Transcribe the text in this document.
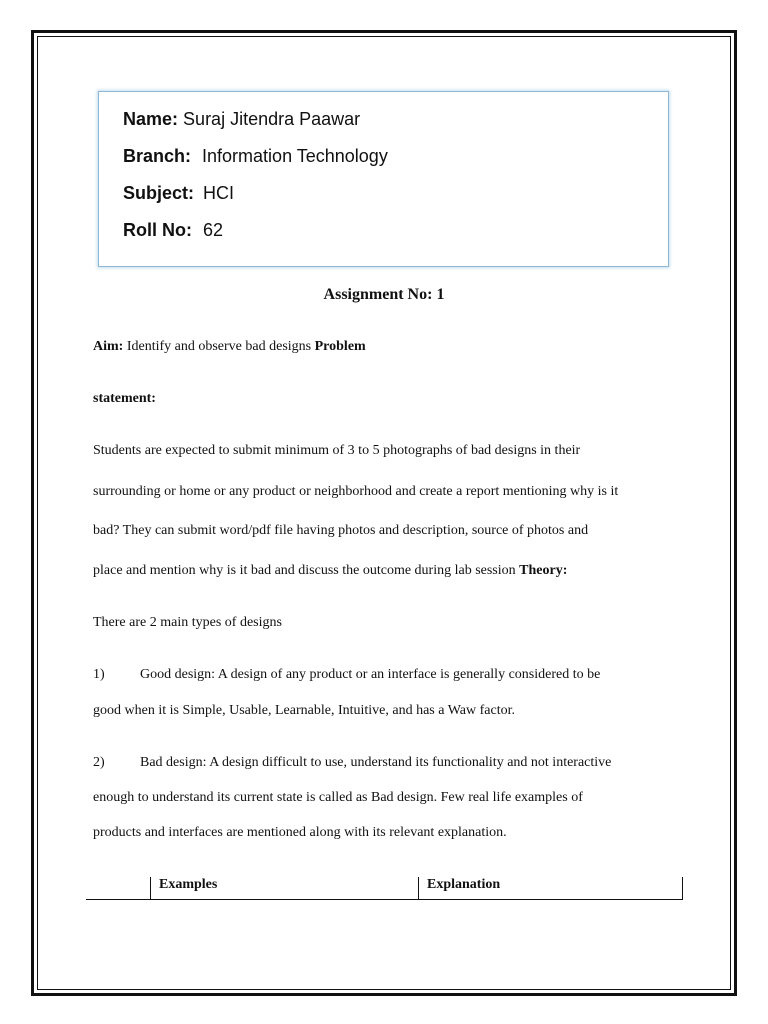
Name: Suraj Jitendra Paawar
Branch: Information Technology
Subject: HCI
Roll No: 62
Assignment No: 1
Aim: Identify and observe bad designs Problem
statement:
Students are expected to submit minimum of 3 to 5 photographs of bad designs in their
surrounding or home or any product or neighborhood and create a report mentioning why is it
bad? They can submit word/pdf file having photos and description, source of photos and
place and mention why is it bad and discuss the outcome during lab session Theory:
There are 2 main types of designs
1)	Good design: A design of any product or an interface is generally considered to be
good when it is Simple, Usable, Learnable, Intuitive, and has a Waw factor.
2)	Bad design: A design difficult to use, understand its functionality and not interactive
enough to understand its current state is called as Bad design. Few real life examples of
products and interfaces are mentioned along with its relevant explanation.
	Examples	Explanation
